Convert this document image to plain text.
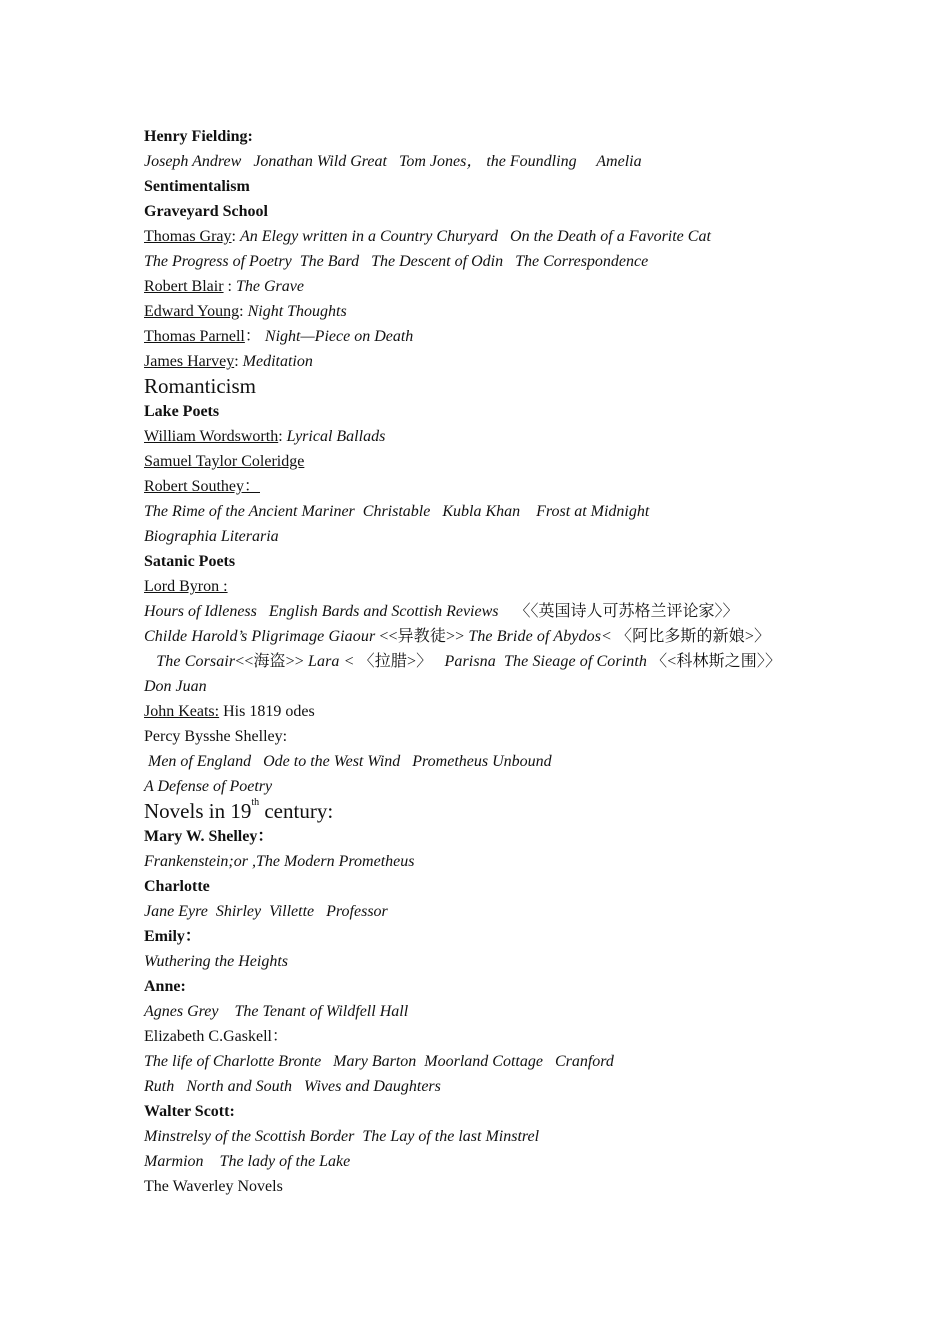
Henry Fielding:
Joseph Andrew   Jonathan Wild Great   Tom Jones， the Foundling     Amelia
Sentimentalism
Graveyard School
Thomas Gray: An Elegy written in a Country Churyard   On the Death of a Favorite Cat
The Progress of Poetry  The Bard   The Descent of Odin   The Correspondence
Robert Blair : The Grave
Edward Young: Night Thoughts
Thomas Parnell： Night—Piece on Death
James Harvey: Meditation
Romanticism
Lake Poets
William Wordsworth: Lyrical Ballads
Samuel Taylor Coleridge
Robert Southey：
The Rime of the Ancient Mariner  Christable   Kubla Khan    Frost at Midnight
Biographia Literaria
Satanic Poets
Lord Byron :
Hours of Idleness   English Bards and Scottish Reviews    〈〈英国诗人可苏格兰评论家〉〉
Childe Harold’s Pligrimage Giaour <<异教徒>> The Bride of Abydos< 〈阿比多斯的新娘>〉   The Corsair<<海盗>> Lara < 〈拉腊>〉   Parisna  The Sieage of Corinth 〈<科林斯之围〉〉
Don Juan
John Keats: His 1819 odes
Percy Bysshe Shelley:
Men of England   Ode to the West Wind   Prometheus Unbound
A Defense of Poetry
Novels in 19th century:
Mary W. Shelley：
Frankenstein;or ,The Modern Prometheus
Charlotte
Jane Eyre  Shirley  Villette   Professor
Emily：
Wuthering the Heights
Anne:
Agnes Grey    The Tenant of Wildfell Hall
Elizabeth C.Gaskell：
The life of Charlotte Bronte   Mary Barton  Moorland Cottage   Cranford
Ruth   North and South   Wives and Daughters
Walter Scott:
Minstrelsy of the Scottish Border  The Lay of the last Minstrel
Marmion    The lady of the Lake
The Waverley Novels
